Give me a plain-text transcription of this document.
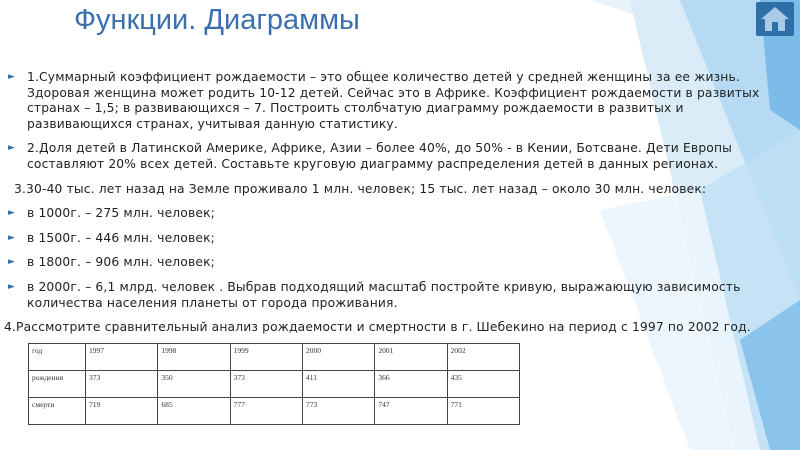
Функции. Диаграммы
► 1.Суммарный коэффициент рождаемости – это общее количество детей у средней женщины за ее жизнь. Здоровая женщина может родить 10-12 детей. Сейчас это в Африке. Коэффициент рождаемости в развитых странах – 1,5; в развивающихся – 7. Построить столбчатую диаграмму рождаемости в развитых и развивающихся странах, учитывая данную статистику.
► 2.Доля детей в Латинской Америке, Африке, Азии – более 40%, до 50% - в Кении, Ботсване. Дети Европы составляют 20% всех детей. Составьте круговую диаграмму распределения детей в данных регионах.
3.30-40 тыс. лет назад на Земле проживало 1 млн. человек; 15 тыс. лет назад – около 30 млн. человек:
► в 1000г. – 275 млн. человек;
► в 1500г. – 446 млн. человек;
► в 1800г. – 906 млн. человек;
► в 2000г. – 6,1 млрд. человек . Выбрав подходящий масштаб постройте кривую, выражающую зависимость количества населения планеты от города проживания.
4.Рассмотрите сравнительный анализ рождаемости и смертности в г. Шебекино на период с 1997 по 2002 год.
год	1997	1998	1999	2000	2001	2002
рождения	373	350	373	411	366	435
смерти	719	685	777	773	747	771
